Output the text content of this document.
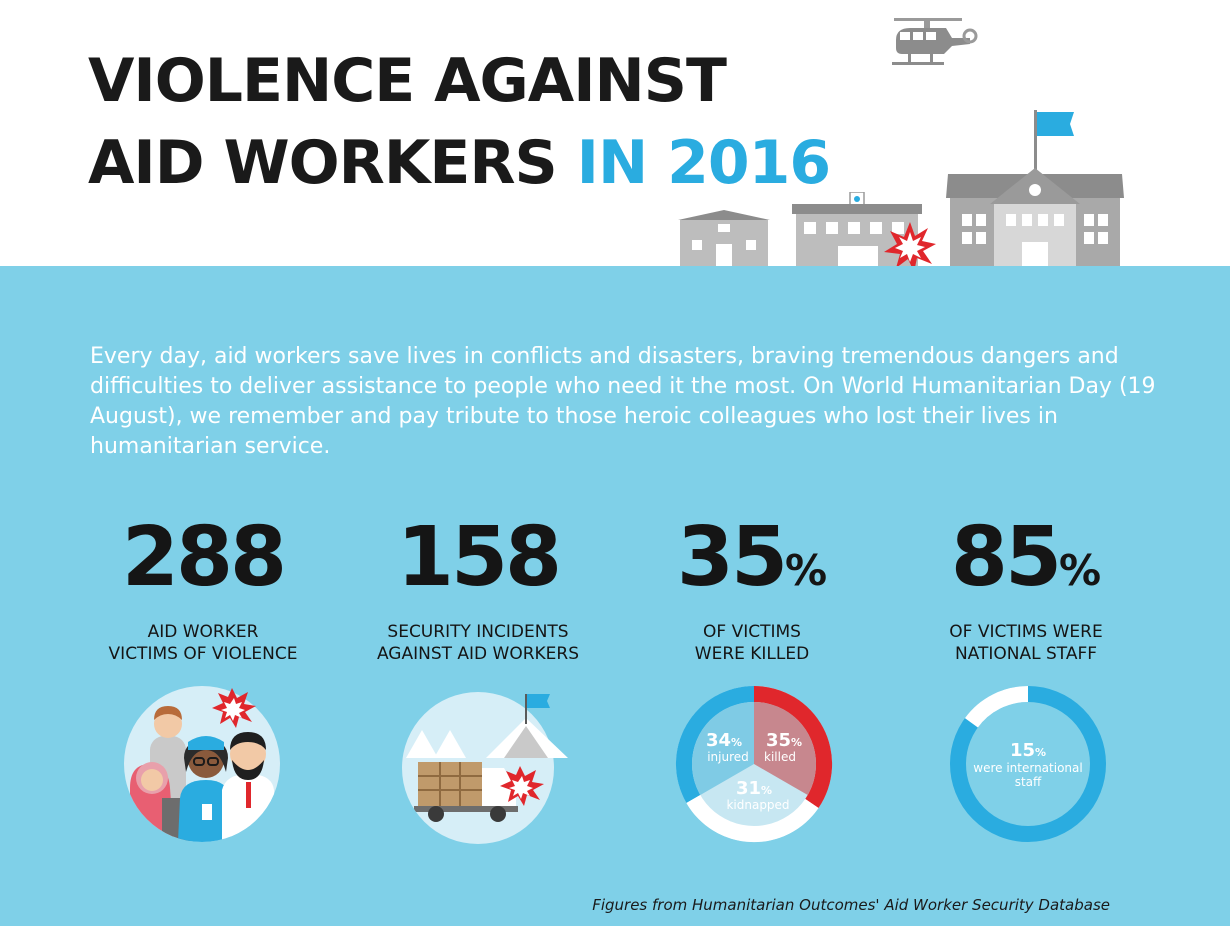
VIOLENCE AGAINST
AID WORKERS IN 2016

Every day, aid workers save lives in conflicts and disasters, braving tremendous dangers and difficulties to deliver assistance to people who need it the most. On World Humanitarian Day (19 August), we remember and pay tribute to those heroic colleagues who lost their lives in humanitarian service.

288
AID WORKER
VICTIMS OF VIOLENCE
158
SECURITY INCIDENTS
AGAINST AID WORKERS
35%
OF VICTIMS
WERE KILLED
85%
OF VICTIMS WERE
NATIONAL STAFF
34%
injured
35%
killed
31%
kidnapped
15%
were international
staff
Figures from Humanitarian Outcomes' Aid Worker Security Database
